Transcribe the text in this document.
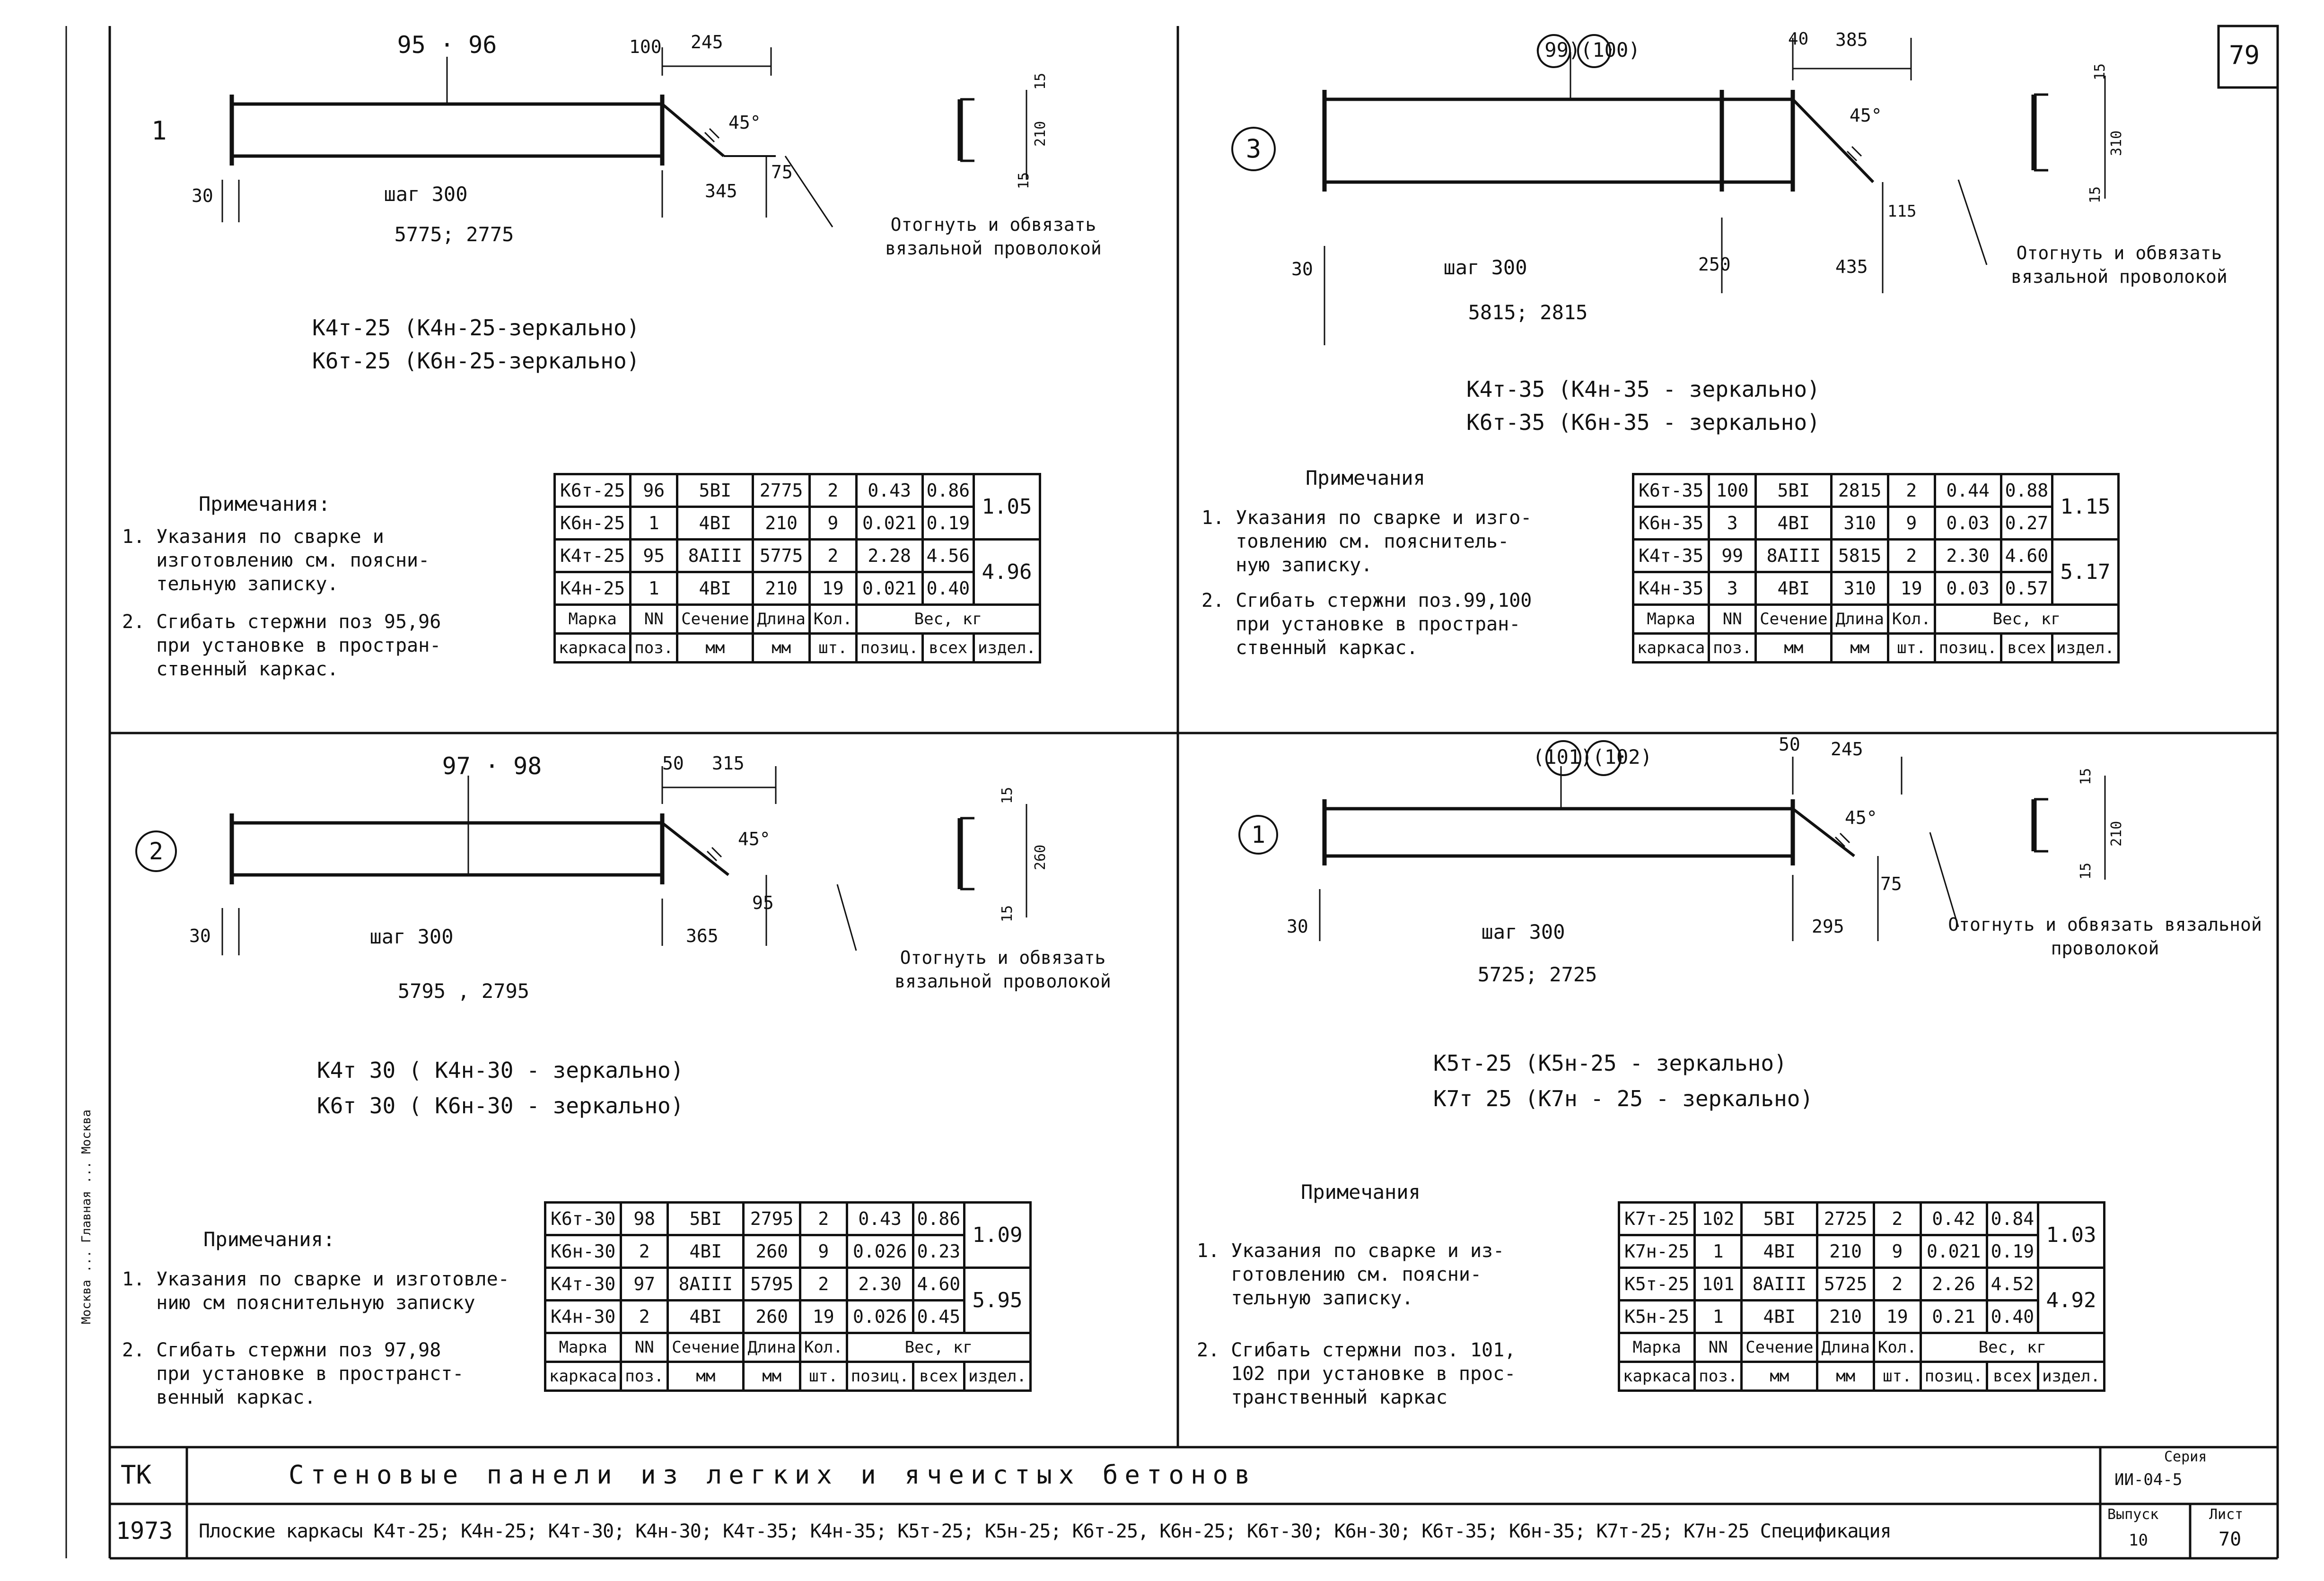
79
1
95 · 96	100 245
45°
345
75
30	шаг 300
5775; 2775	Отогнуть и обвязать вязальной проволокой
15
210
15
К4т-25 (К4н-25-зеркально)
К6т-25 (К6н-25-зеркально)
Примечания:
1. Указания по сварке и
изготовлению см. поясни-
тельную записку.
2. Сгибать стержни поз 95,96
при установке в простран-
ственный каркас.
К6т-25	96	5ВI	2775	2	0.43	0.86	1.05
К6н-25	1	4ВI	210	9	0.021	0.19	
К4т-25	95	8АIII	5775	2	2.28	4.56	4.96
К4н-25	1	4ВI	210	19	0.021	0.40	
Марка	NN	Сечение	Длина	Кол.	Вес, кг		
каркаса	поз.	мм	мм	шт.	позиц.	всех	издел.
3
(99)(100)	40 385
45°
115
250	435
30	шаг 300
5815; 2815
Отогнуть и обвязать вязальной проволокой
15
310
15
К4т-35 (К4н-35 - зеркально)
К6т-35 (К6н-35 - зеркально)
Примечания
1. Указания по сварке и изго-
товлению см. пояснитель-
ную записку.
2. Сгибать стержни поз.99,100
при установке в простран-
ственный каркас.
К6т-35	100	5ВI	2815	2	0.44	0.88	1.15
К6н-35	3	4ВI	310	9	0.03	0.27	
К4т-35	99	8АIII	5815	2	2.30	4.60	5.17
К4н-35	3	4ВI	310	19	0.03	0.57	
Марка	NN	Сечение	Длина	Кол.	Вес, кг		
каркаса	поз.	мм	мм	шт.	позиц.	всех	издел.
2
97 · 98	50 315
45°
95
365
30	шаг 300
5795 , 2795
Отогнуть и обвязать вязальной проволокой
15
260
15
К4т 30 ( К4н-30 - зеркально)
К6т 30 ( К6н-30 - зеркально)
Примечания:
1. Указания по сварке и изготовле-
нию см пояснительную записку
2. Сгибать стержни поз 97,98
при установке в пространст-
венный каркас.
К6т-30	98	5ВI	2795	2	0.43	0.86	1.09
К6н-30	2	4ВI	260	9	0.026	0.23	
К4т-30	97	8АIII	5795	2	2.30	4.60	5.95
К4н-30	2	4ВI	260	19	0.026	0.45	
Марка	NN	Сечение	Длина	Кол.	Вес, кг		
каркаса	поз.	мм	мм	шт.	позиц.	всех	издел.
1
(101)(102)
50 245
45°
75
295
30	шаг 300
5725; 2725
Отогнуть и обвязать вязальной проволокой
15
210
15
К5т-25 (К5н-25 - зеркально)
К7т 25 (К7н - 25 - зеркально)
Примечания
1. Указания по сварке и из-
готовлению см. поясни-
тельную записку.
2. Сгибать стержни поз. 101,
102 при установке в прос-
транственный каркас
К7т-25	102	5ВI	2725	2	0.42	0.84	1.03
К7н-25	1	4ВI	210	9	0.021	0.19	
К5т-25	101	8АIII	5725	2	2.26	4.52	4.92
К5н-25	1	4ВI	210	19	0.21	0.40	
Марка	NN	Сечение	Длина	Кол.	Вес, кг		
каркаса	поз.	мм	мм	шт.	позиц.	всех	издел.
ТК
1973
Стеновые панели из легких и ячеистых бетонов
Плоские каркасы К4т-25; К4н-25; К4т-30; К4н-30; К4т-35; К4н-35; К5т-25; К5н-25; К6т-25, К6н-25; К6т-30; К6н-30; К6т-35; К6н-35; К7т-25; К7н-25 Спецификация
Серия
ИИ-04-5
Выпуск
10
Лист
70
Москва ... Главная ... Москва
